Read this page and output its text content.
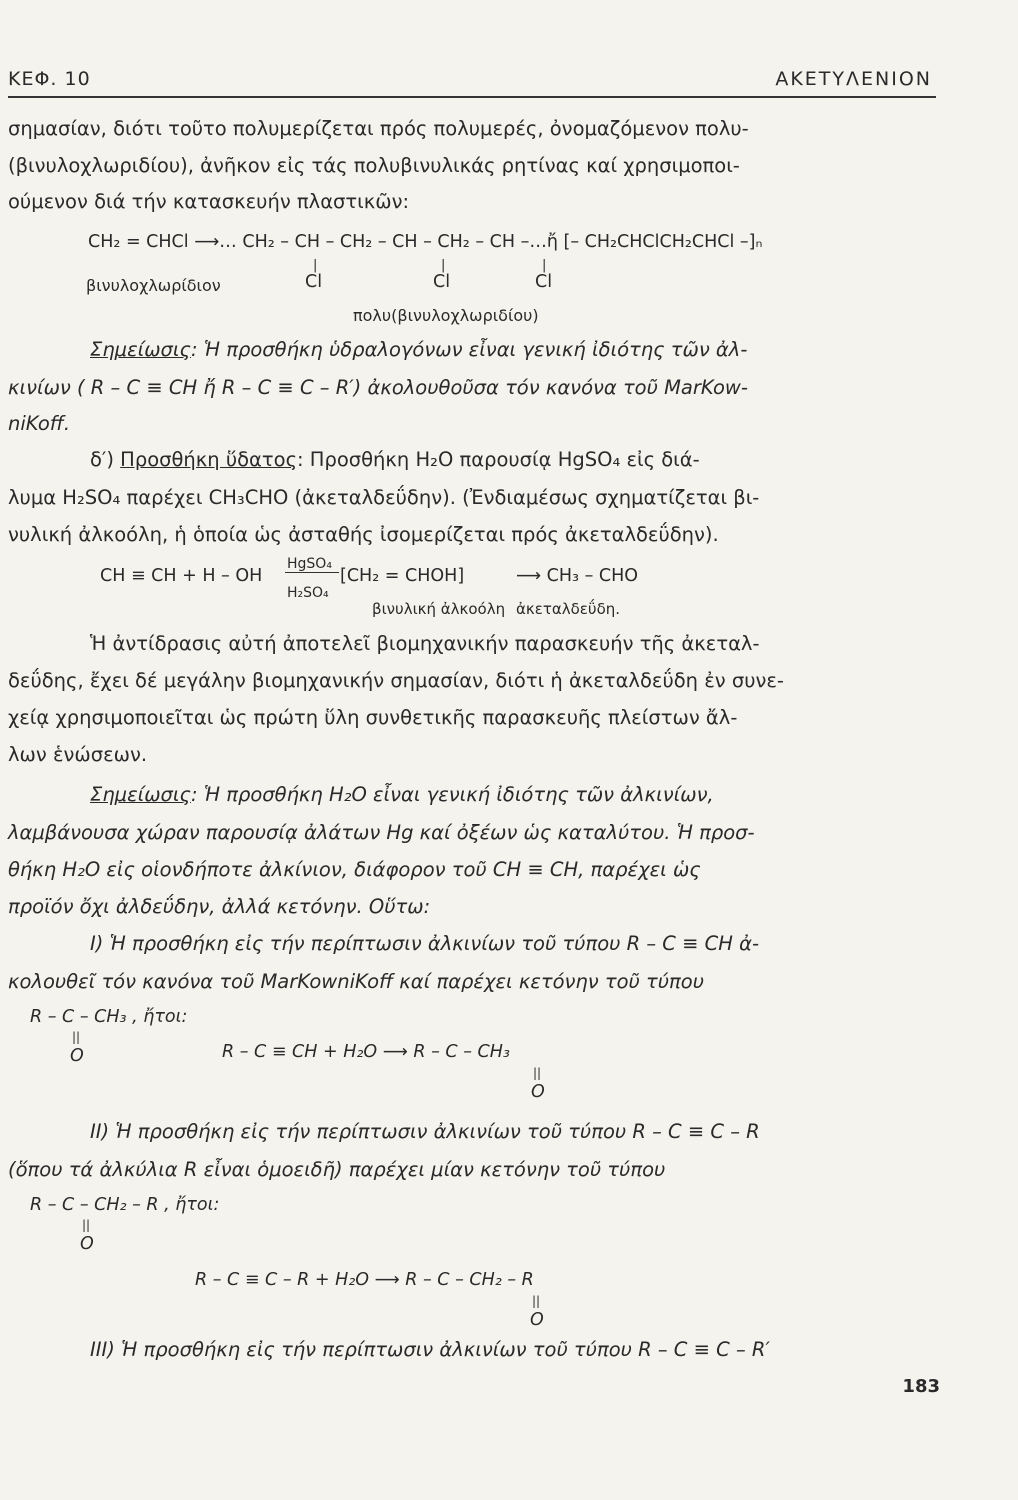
ΚΕΦ. 10	ΑΚΕΤΥΛΕΝΙΟΝ
σημασίαν, διότι τοῦτο πολυμερίζεται πρός πολυμερές, ὀνομαζόμενον πολυ-
(βινυλοχλωριδίου), ἀνῆκον εἰς τάς πολυβινυλικάς ρητίνας καί χρησιμοποι-
ούμενον διά τήν κατασκευήν πλαστικῶν:
CH₂ = CHCl ⟶… CH₂ – CH – CH₂ – CH – CH₂ – CH –…ἤ [– CH₂CHClCH₂CHCl –]ₙ
|	|	|
Cl	Cl	Cl
βινυλοχλωρίδιον
πολυ(βινυλοχλωριδίου)
Σημείωσις: Ἡ προσθήκη ὑδραλογόνων εἶναι γενική ἰδιότης τῶν ἀλ-
κινίων ( R – C ≡ CH ἤ R – C ≡ C – R′) ἀκολουθοῦσα τόν κανόνα τοῦ MarKow-
niKoff.
δ′) Προσθήκη ὕδατος: Προσθήκη H₂O παρουσίᾳ HgSO₄ εἰς διά-
λυμα H₂SO₄ παρέχει CH₃CHO (ἀκεταλδεΰδην). (Ἐνδιαμέσως σχηματίζεται βι-
νυλική ἀλκοόλη, ἡ ὁποία ὡς ἀσταθής ἰσομερίζεται πρός ἀκεταλδεΰδην).
CH ≡ CH + H – OH
HgSO₄
H₂SO₄
[CH₂ = CHOH]	⟶ CH₃ – CHO
βινυλική ἀλκοόλη ἀκεταλδεΰδη.
Ἡ ἀντίδρασις αὐτή ἀποτελεῖ βιομηχανικήν παρασκευήν τῆς ἀκεταλ-
δεΰδης, ἔχει δέ μεγάλην βιομηχανικήν σημασίαν, διότι ἡ ἀκεταλδεΰδη ἐν συνε-
χείᾳ χρησιμοποιεῖται ὡς πρώτη ὕλη συνθετικῆς παρασκευῆς πλείστων ἄλ-
λων ἑνώσεων.
Σημείωσις: Ἡ προσθήκη H₂O εἶναι γενική ἰδιότης τῶν ἀλκινίων,
λαμβάνουσα χώραν παρουσίᾳ ἀλάτων Hg καί ὀξέων ὡς καταλύτου. Ἡ προσ-
θήκη H₂O εἰς οἱονδήποτε ἀλκίνιον, διάφορον τοῦ CH ≡ CH, παρέχει ὡς
προϊόν ὄχι ἀλδεΰδην, ἀλλά κετόνην. Οὕτω:
I) Ἡ προσθήκη εἰς τήν περίπτωσιν ἀλκινίων τοῦ τύπου R – C ≡ CH ἀ-
κολουθεῖ τόν κανόνα τοῦ MarKowniKoff καί παρέχει κετόνην τοῦ τύπου
R – C – CH₃ , ἤτοι:
||
O	R – C ≡ CH + H₂O ⟶ R – C – CH₃
||
O
II) Ἡ προσθήκη εἰς τήν περίπτωσιν ἀλκινίων τοῦ τύπου R – C ≡ C – R
(ὅπου τά ἀλκύλια R εἶναι ὁμοειδῆ) παρέχει μίαν κετόνην τοῦ τύπου
R – C – CH₂ – R , ἤτοι:
||
O
R – C ≡ C – R + H₂O ⟶ R – C – CH₂ – R
||
O
III) Ἡ προσθήκη εἰς τήν περίπτωσιν ἀλκινίων τοῦ τύπου R – C ≡ C – R′
183
